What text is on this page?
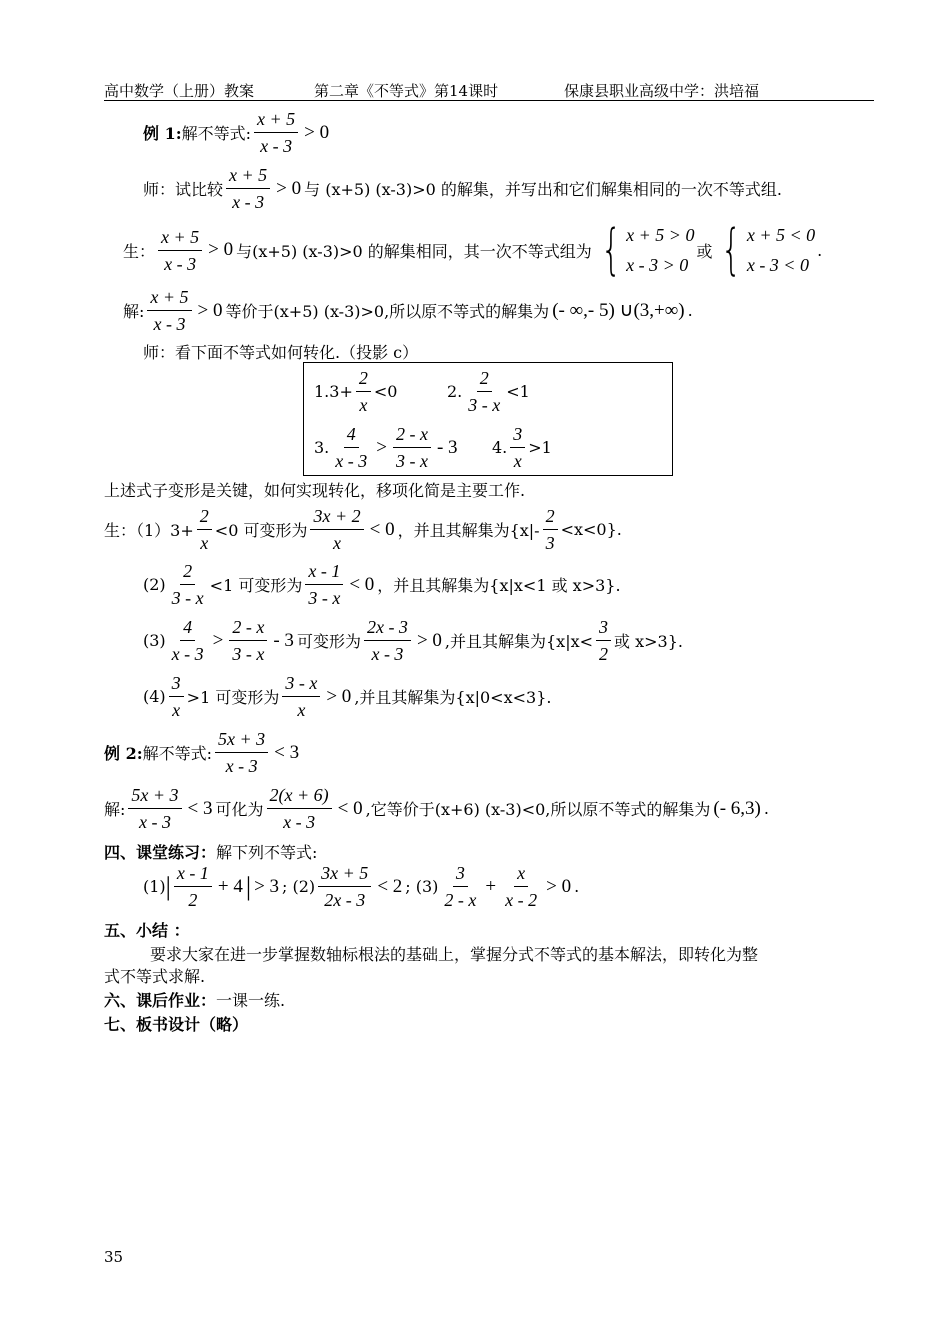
高中数学（上册）教案	第二章《不等式》第14课时	保康县职业高级中学：洪培福
例 1: 解不等式: $\frac{x + 5}{x - 3} > 0$
师：试比较 $\frac{x + 5}{x - 3} > 0$ 与 (x+5) (x-3)>0 的解集，并写出和它们解集相同的一次不等式组.
生： $\frac{x + 5}{x - 3} > 0$ 与(x+5) (x-3)>0 的解集相同，其一次不等式组为 { x + 5 > 0
x - 3 > 0
或 { x + 5 < 0
x - 3 < 0
.
解: $\frac{x + 5}{x - 3} > 0$ 等价于(x+5) (x-3)>0,所以原不等式的解集为 (- ∞,- 5) ∪(3,+∞) .
师：看下面不等式如何转化.（投影 c）
$1.3+ \frac{2}{x} <0$	2. $\frac{2}{3 - x} <1$
3. $\frac{4}{x - 3} > \frac{2 - x}{3 - x} - 3$ 4. $\frac{3}{x} >1$
上述式子变形是关键，如何实现转化，移项化简是主要工作.
生：$(1)3+ \frac{2}{x} <0$ 可变形为 $\frac{3x + 2}{x} < 0$ ，并且其解集为$\{x|- \frac{2}{3} <x<0\}$.
$(2) \frac{2}{3 - x} <1$ 可变形为 $\frac{x - 1}{3 - x} < 0$ ，并且其解集为{x|x<1 或 x>3}.
$(3) \frac{4}{x - 3} > \frac{2 - x}{3 - x} - 3$ 可变形为 $\frac{2x - 3}{x - 3} > 0$ ,并且其解集为{$x|x< \frac{3}{2}$ 或 x>3}.
$(4) \frac{3}{x} >1$ 可变形为 $\frac{3 - x}{x} > 0$ ,并且其解集为{x|0<x<3}.
例 2: 解不等式: $\frac{5x + 3}{x - 3} < 3$
解: $\frac{5x + 3}{x - 3} < 3$ 可化为 $\frac{2(x + 6)}{x - 3} < 0$ ,它等价于(x+6) (x-3)<0,所以原不等式的解集为 (- 6,3) .
四、课堂练习： 解下列不等式:
(1) | $\frac{x - 1}{2} + 4$ | > 3 ; $(2) \frac{3x + 5}{2x - 3} < 2$ ; $(3) \frac{3}{2 - x} + \frac{x}{x - 2} > 0$ .
五、小结 ：
要求大家在进一步掌握数轴标根法的基础上，掌握分式不等式的基本解法，即转化为整
式不等式求解.
六、课后作业： 一课一练.
七、板书设计（略）
35
